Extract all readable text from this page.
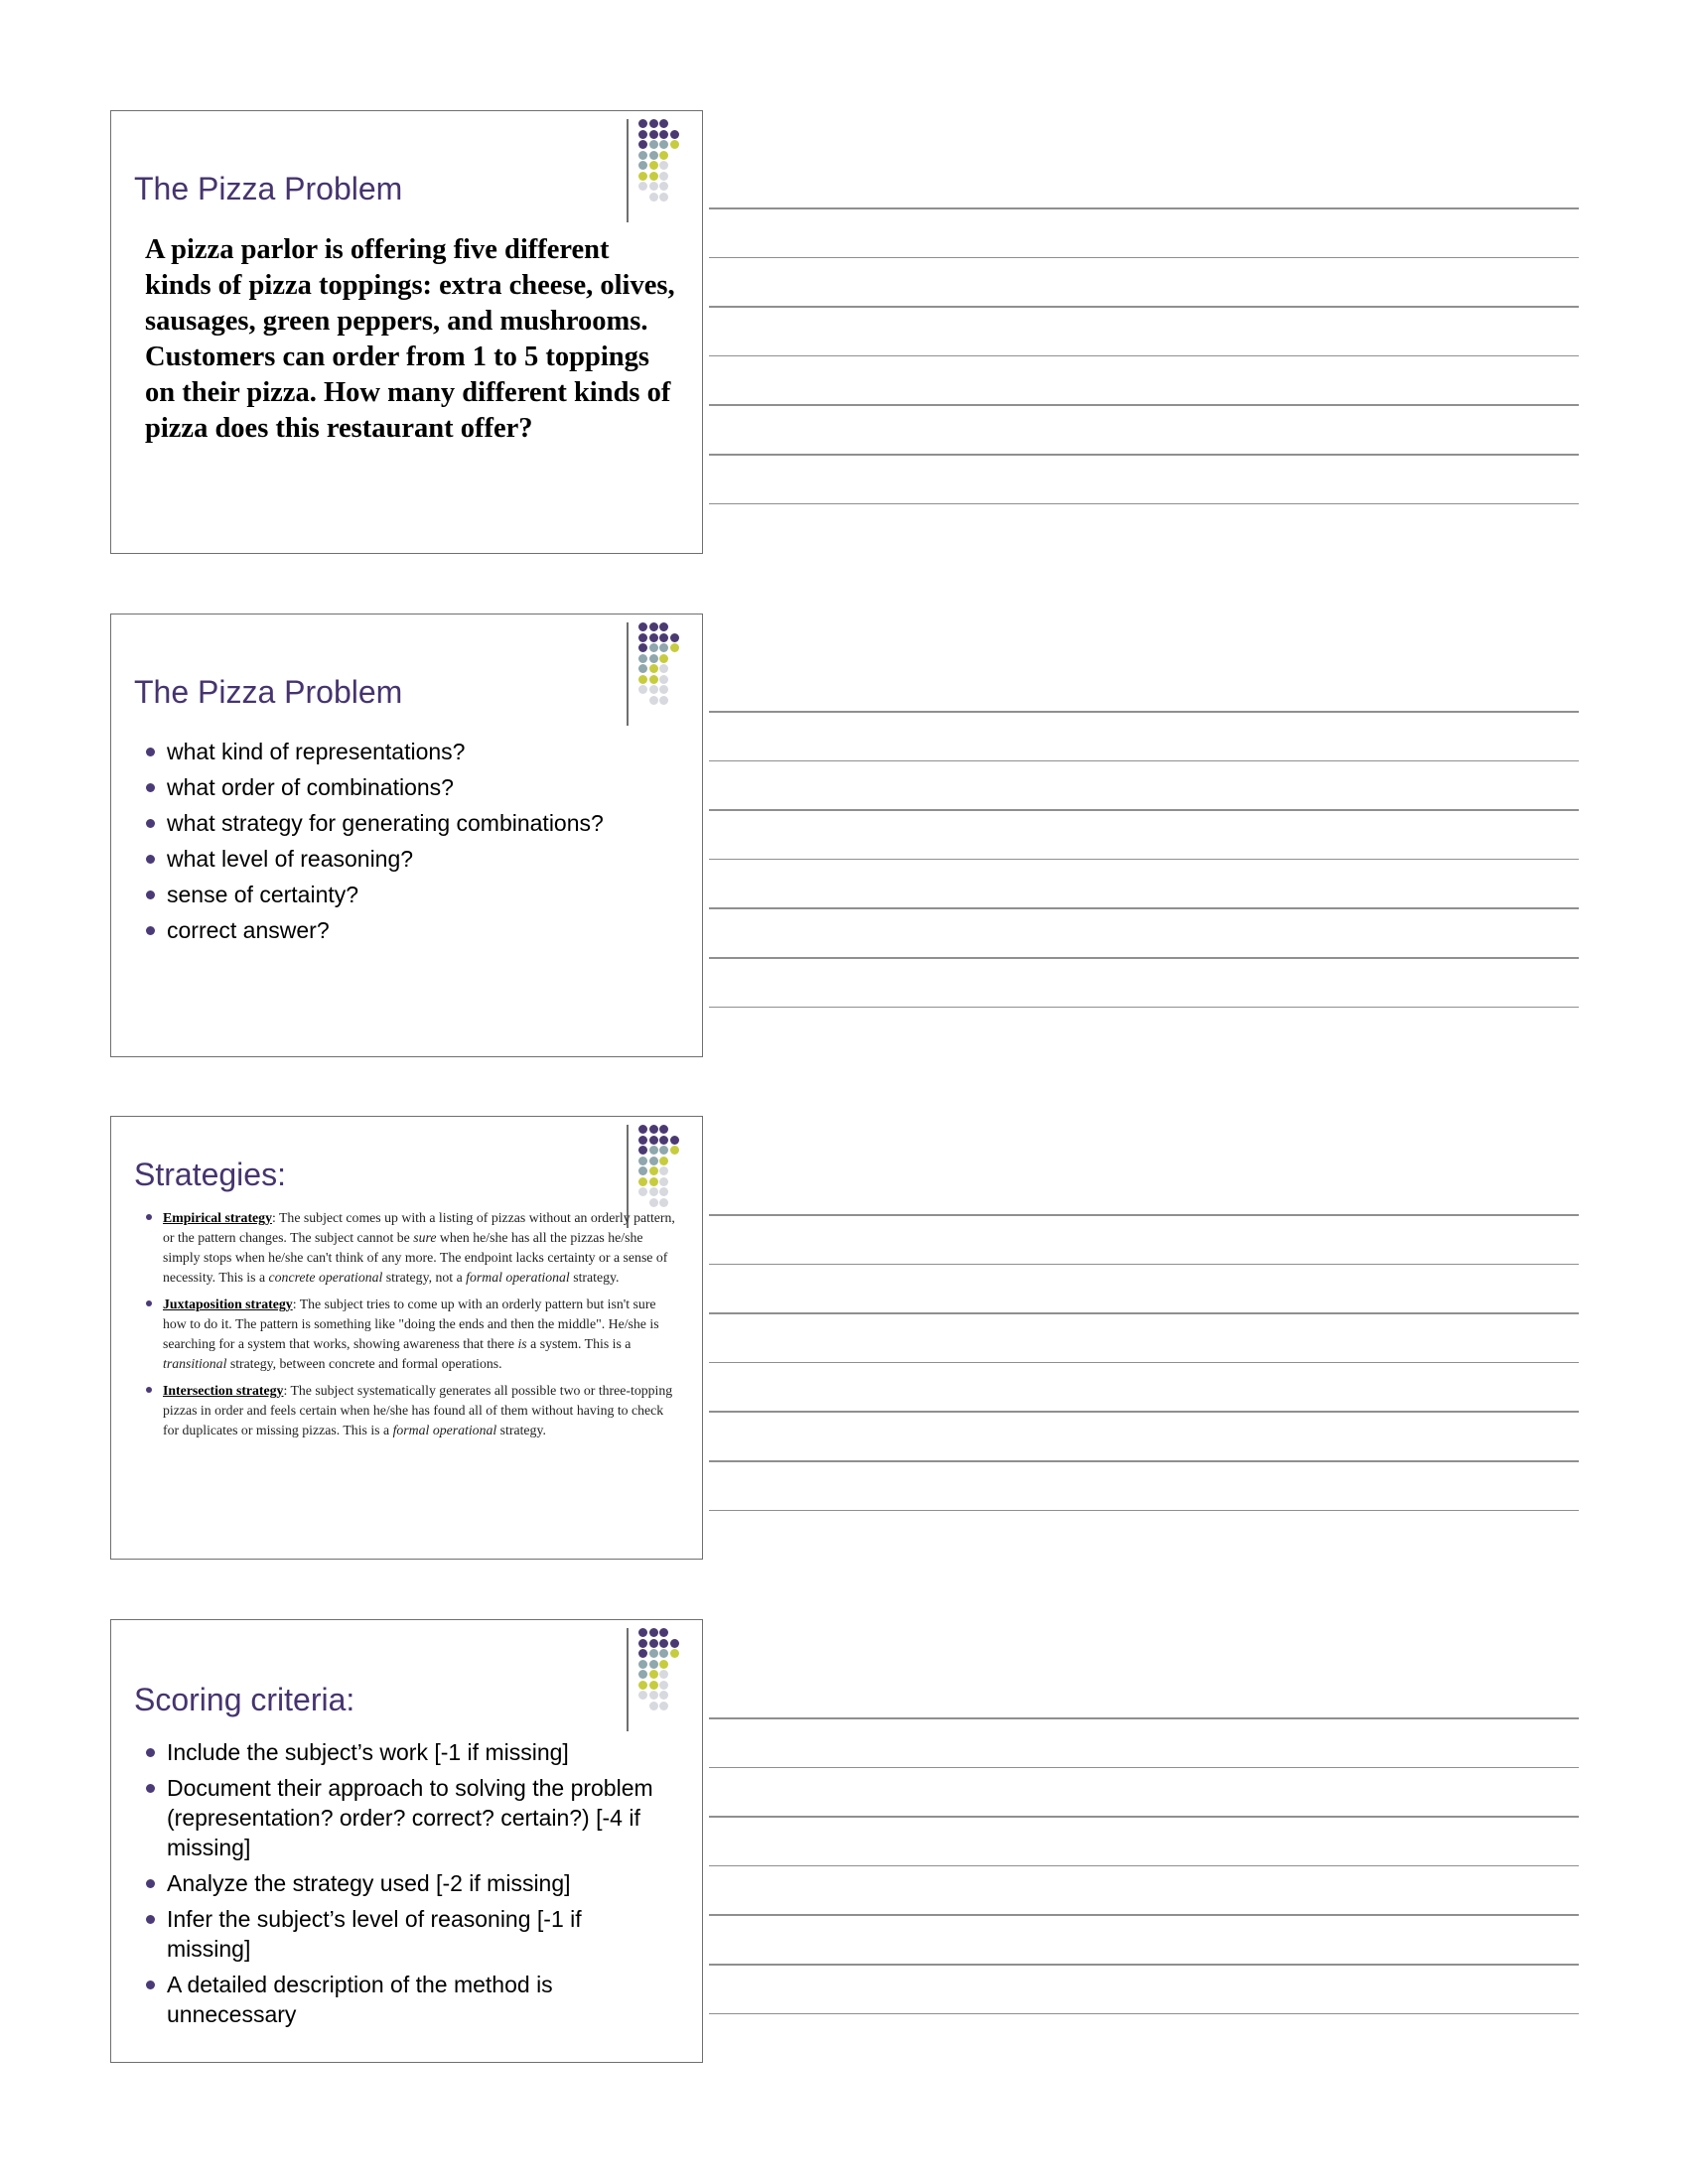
The Pizza Problem

A pizza parlor is offering five different kinds of pizza toppings: extra cheese, olives, sausages, green peppers, and mushrooms. Customers can order from 1 to 5 toppings on their pizza. How many different kinds of pizza does this restaurant offer?

The Pizza Problem
what kind of representations?
what order of combinations?
what strategy for generating combinations?
what level of reasoning?
sense of certainty?
correct answer?
Strategies:
Empirical strategy: The subject comes up with a listing of pizzas without an orderly pattern, or the pattern changes. The subject cannot be sure when he/she has all the pizzas he/she simply stops when he/she can't think of any more. The endpoint lacks certainty or a sense of necessity. This is a concrete operational strategy, not a formal operational strategy.
Juxtaposition strategy: The subject tries to come up with an orderly pattern but isn't sure how to do it. The pattern is something like "doing the ends and then the middle". He/she is searching for a system that works, showing awareness that there is a system. This is a transitional strategy, between concrete and formal operations.
Intersection strategy: The subject systematically generates all possible two or three-topping pizzas in order and feels certain when he/she has found all of them without having to check for duplicates or missing pizzas. This is a formal operational strategy.
Scoring criteria:
Include the subject’s work [-1 if missing]
Document their approach to solving the problem (representation? order? correct? certain?) [-4 if missing]
Analyze the strategy used [-2 if missing]
Infer the subject’s level of reasoning [-1 if missing]
A detailed description of the method is unnecessary
